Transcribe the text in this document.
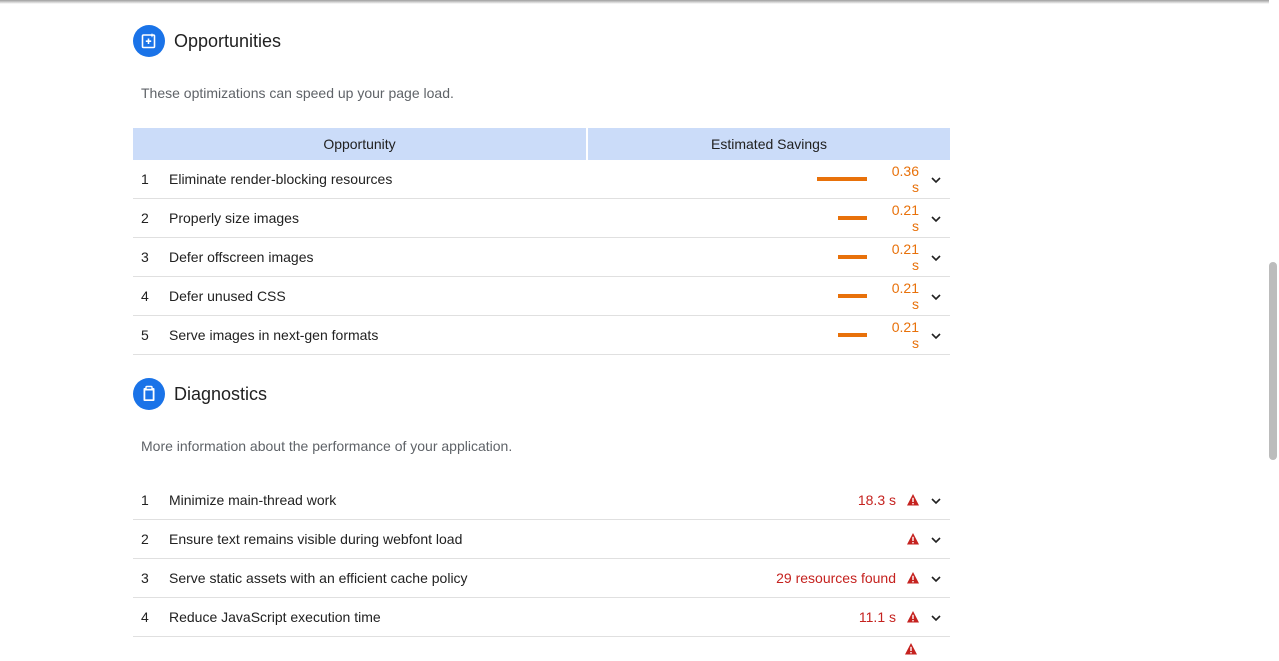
Opportunities
These optimizations can speed up your page load.
Opportunity	Estimated Savings
1	Eliminate render-blocking resources	0.36 s
2	Properly size images	0.21 s
3	Defer offscreen images	0.21 s
4	Defer unused CSS	0.21 s
5	Serve images in next-gen formats	0.21 s
Diagnostics
More information about the performance of your application.
1	Minimize main-thread work	18.3 s
2	Ensure text remains visible during webfont load
3	Serve static assets with an efficient cache policy	29 resources found
4	Reduce JavaScript execution time	11.1 s
